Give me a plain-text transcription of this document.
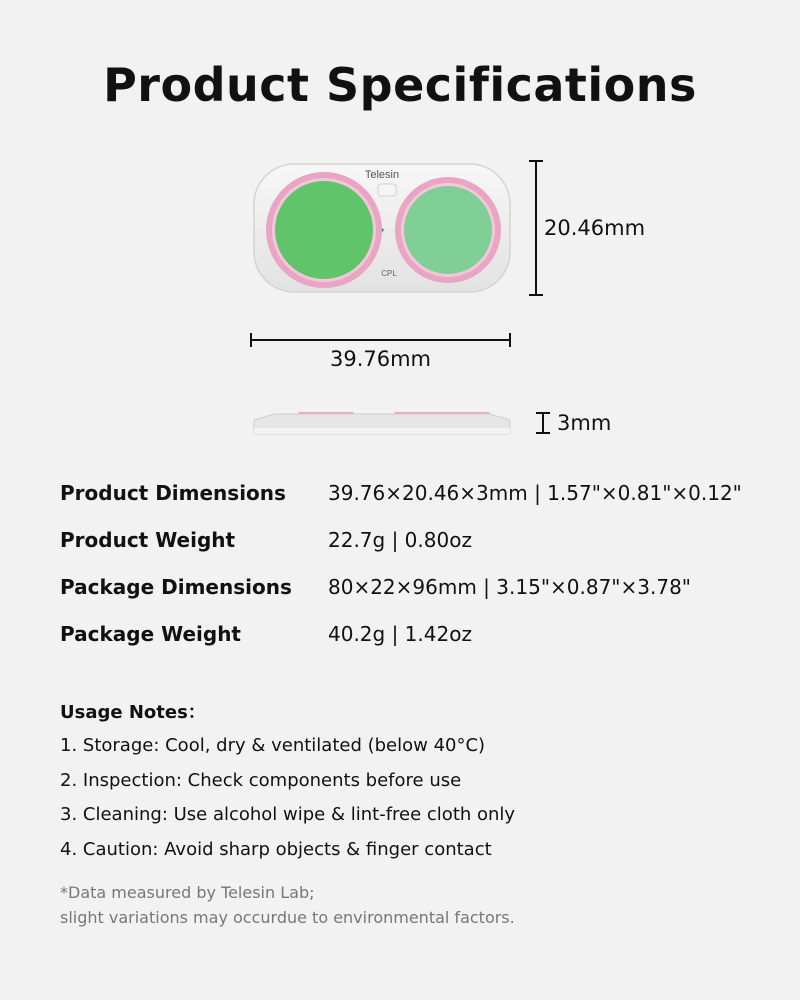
Product Specifications
Telesin
CPL
20.46mm
39.76mm
3mm
Product Dimensions 39.76×20.46×3mm | 1.57"×0.81"×0.12"
Product Weight	22.7g | 0.80oz
Package Dimensions 80×22×96mm | 3.15"×0.87"×3.78"
Package Weight	40.2g | 1.42oz
Usage Notes：
1. Storage: Cool, dry & ventilated (below 40°C)
2. Inspection: Check components before use
3. Cleaning: Use alcohol wipe & lint-free cloth only
4. Caution: Avoid sharp objects & finger contact
*Data measured by Telesin Lab;
slight variations may occurdue to environmental factors.
